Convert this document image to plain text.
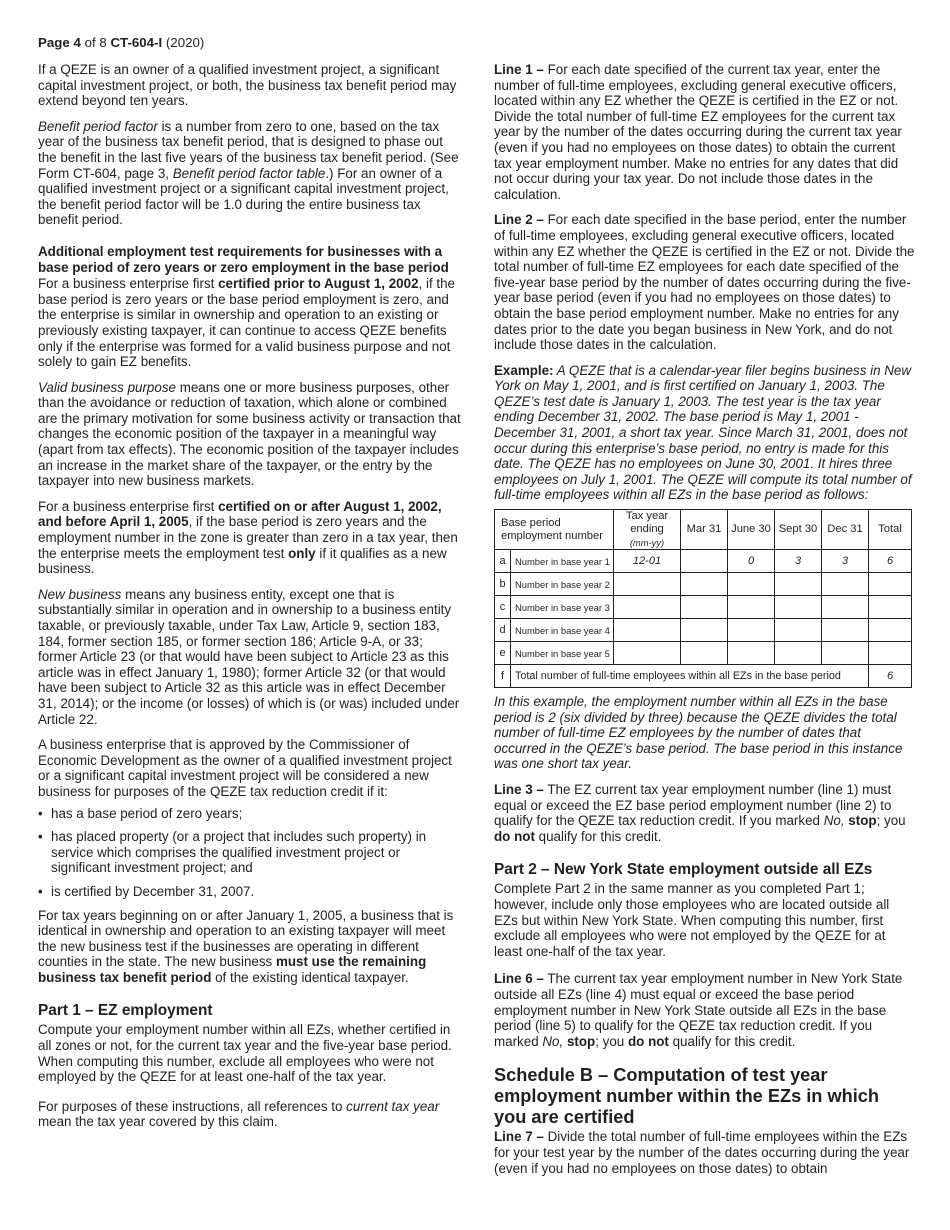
Page 4 of 8 CT-604-I (2020)

If a QEZE is an owner of a qualified investment project, a significant capital investment project, or both, the business tax benefit period may extend beyond ten years.

Benefit period factor is a number from zero to one, based on the tax year of the business tax benefit period, that is designed to phase out the benefit in the last five years of the business tax benefit period. (See Form CT-604, page 3, Benefit period factor table.) For an owner of a qualified investment project or a significant capital investment project, the benefit period factor will be 1.0 during the entire business tax benefit period.

Additional employment test requirements for businesses with a base period of zero years or zero employment in the base period

For a business enterprise first certified prior to August 1, 2002, if the base period is zero years or the base period employment is zero, and the enterprise is similar in ownership and operation to an existing or previously existing taxpayer, it can continue to access QEZE benefits only if the enterprise was formed for a valid business purpose and not solely to gain EZ benefits.

Valid business purpose means one or more business purposes, other than the avoidance or reduction of taxation, which alone or combined are the primary motivation for some business activity or transaction that changes the economic position of the taxpayer in a meaningful way (apart from tax effects). The economic position of the taxpayer includes an increase in the market share of the taxpayer, or the entry by the taxpayer into new business markets.

For a business enterprise first certified on or after August 1, 2002, and before April 1, 2005, if the base period is zero years and the employment number in the zone is greater than zero in a tax year, then the enterprise meets the employment test only if it qualifies as a new business.

New business means any business entity, except one that is substantially similar in operation and in ownership to a business entity taxable, or previously taxable, under Tax Law, Article 9, section 183, 184, former section 185, or former section 186; Article 9-A, or 33; former Article 23 (or that would have been subject to Article 23 as this article was in effect January 1, 1980); former Article 32 (or that would have been subject to Article 32 as this article was in effect December 31, 2014); or the income (or losses) of which is (or was) included under Article 22.

A business enterprise that is approved by the Commissioner of Economic Development as the owner of a qualified investment project or a significant capital investment project will be considered a new business for purposes of the QEZE tax reduction credit if it:

• has a base period of zero years;
• has placed property (or a project that includes such property) in service which comprises the qualified investment project or significant investment project; and
• is certified by December 31, 2007.

For tax years beginning on or after January 1, 2005, a business that is identical in ownership and operation to an existing taxpayer will meet the new business test if the businesses are operating in different counties in the state. The new business must use the remaining business tax benefit period of the existing identical taxpayer.

Part 1 – EZ employment

Compute your employment number within all EZs, whether certified in all zones or not, for the current tax year and the five-year base period. When computing this number, exclude all employees who were not employed by the QEZE for at least one-half of the tax year.

For purposes of these instructions, all references to current tax year mean the tax year covered by this claim.

Line 1 – For each date specified of the current tax year, enter the number of full-time employees, excluding general executive officers, located within any EZ whether the QEZE is certified in the EZ or not. Divide the total number of full-time EZ employees for the current tax year by the number of the dates occurring during the current tax year (even if you had no employees on those dates) to obtain the current tax year employment number. Make no entries for any dates that did not occur during your tax year. Do not include those dates in the calculation.

Line 2 – For each date specified in the base period, enter the number of full-time employees, excluding general executive officers, located within any EZ whether the QEZE is certified in the EZ or not. Divide the total number of full-time EZ employees for each date specified of the five-year base period by the number of dates occurring during the five-year base period (even if you had no employees on those dates) to obtain the base period employment number. Make no entries for any dates prior to the date you began business in New York, and do not include those dates in the calculation.

Example: A QEZE that is a calendar-year filer begins business in New York on May 1, 2001, and is first certified on January 1, 2003. The QEZE’s test date is January 1, 2003. The test year is the tax year ending December 31, 2002. The base period is May 1, 2001 - December 31, 2001, a short tax year. Since March 31, 2001, does not occur during this enterprise’s base period, no entry is made for this date. The QEZE has no employees on June 30, 2001. It hires three employees on July 1, 2001. The QEZE will compute its total number of full-time employees within all EZs in the base period as follows:

Base period employment number		Tax year ending
(mm-yy)	Mar 31	June 30	Sept 30	Dec 31	Total
a	Number in base year 1	12-01		0	3	3	6
b	Number in base year 2						
c	Number in base year 3						
d	Number in base year 4						
e	Number in base year 5						
f	Total number of full-time employees within all EZs in the base period						6

In this example, the employment number within all EZs in the base period is 2 (six divided by three) because the QEZE divides the total number of full-time EZ employees by the number of dates that occurred in the QEZE’s base period. The base period in this instance was one short tax year.

Line 3 – The EZ current tax year employment number (line 1) must equal or exceed the EZ base period employment number (line 2) to qualify for the QEZE tax reduction credit. If you marked No, stop; you do not qualify for this credit.

Part 2 – New York State employment outside all EZs

Complete Part 2 in the same manner as you completed Part 1; however, include only those employees who are located outside all EZs but within New York State. When computing this number, first exclude all employees who were not employed by the QEZE for at least one-half of the tax year.

Line 6 – The current tax year employment number in New York State outside all EZs (line 4) must equal or exceed the base period employment number in New York State outside all EZs in the base period (line 5) to qualify for the QEZE tax reduction credit. If you marked No, stop; you do not qualify for this credit.

Schedule B – Computation of test year employment number within the EZs in which you are certified

Line 7 – Divide the total number of full-time employees within the EZs for your test year by the number of the dates occurring during the year (even if you had no employees on those dates) to obtain
